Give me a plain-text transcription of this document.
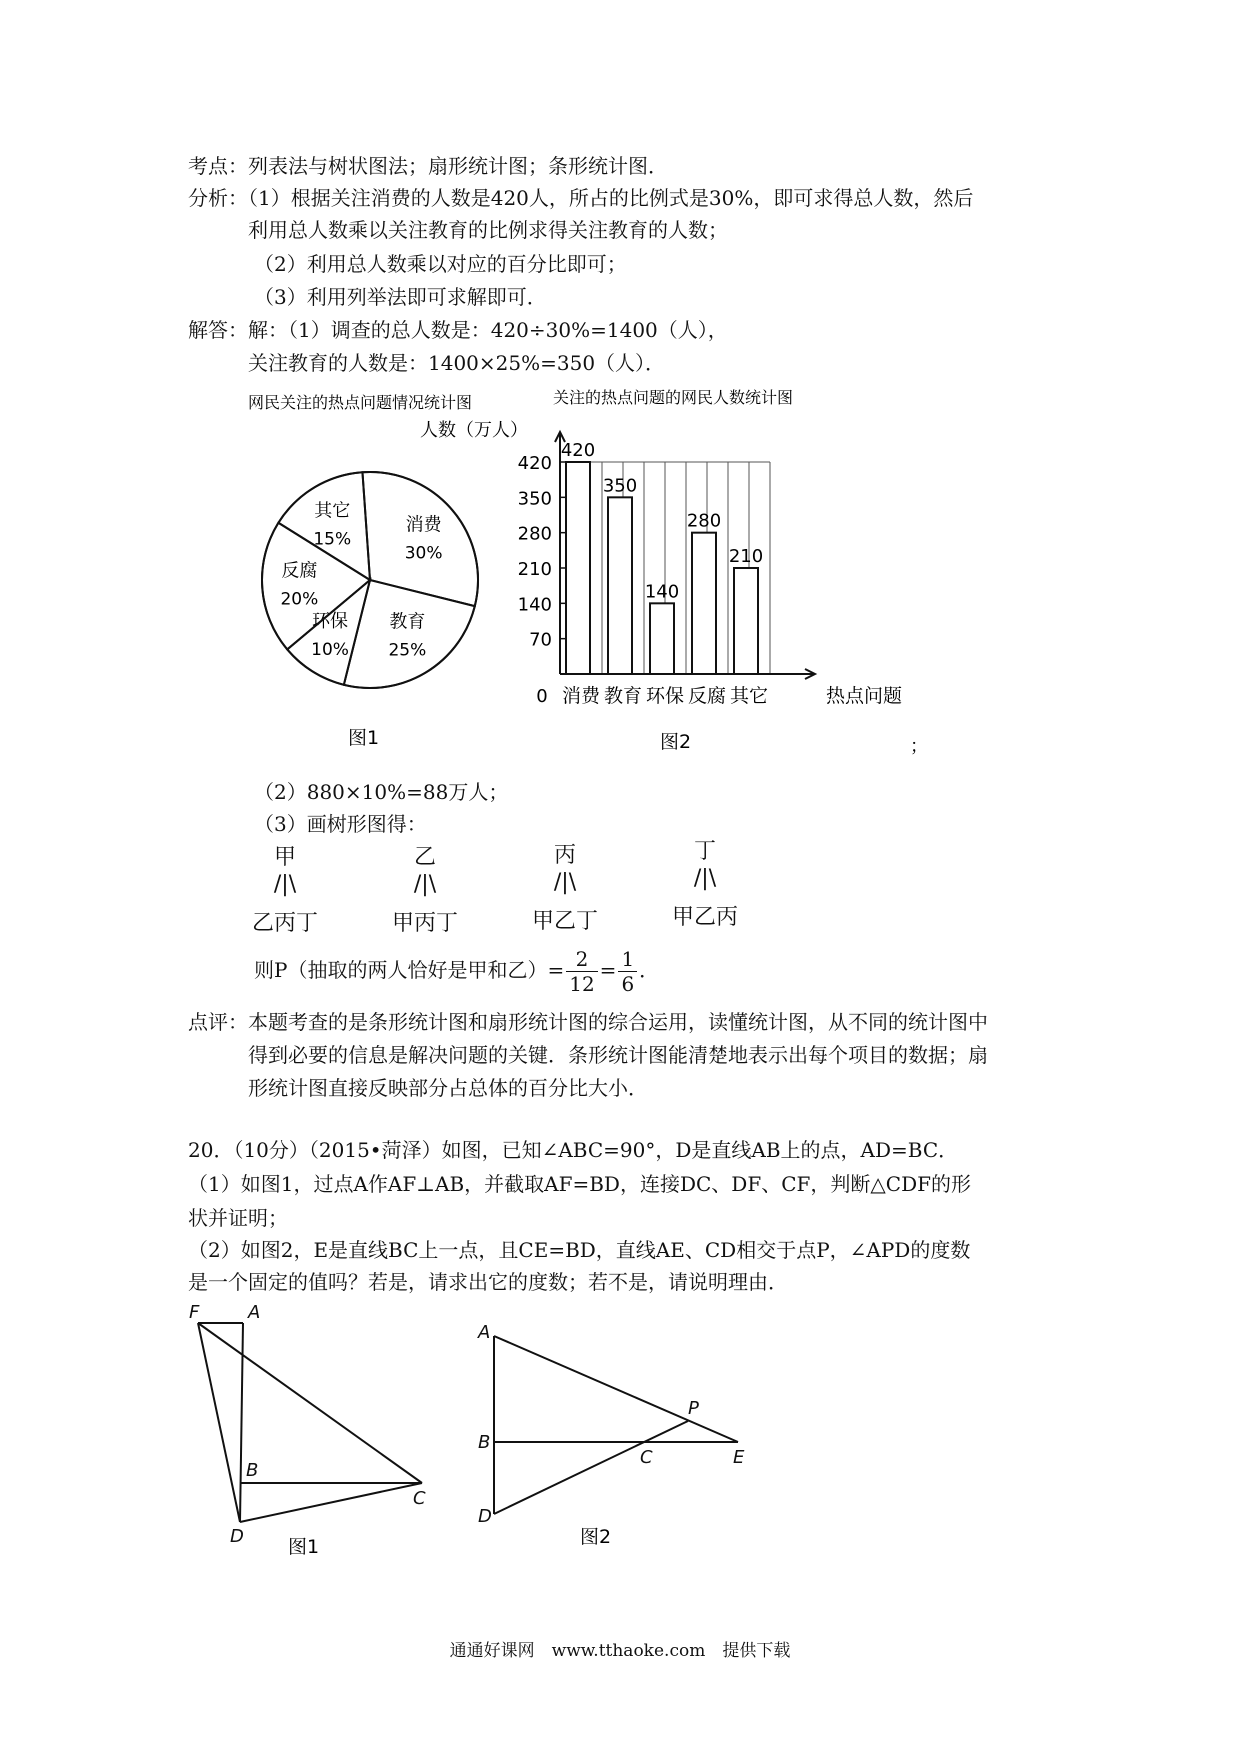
考点：列表法与树状图法；扇形统计图；条形统计图．
分析：（1）根据关注消费的人数是420人，所占的比例式是30%，即可求得总人数，然后
利用总人数乘以关注教育的比例求得关注教育的人数；
（2）利用总人数乘以对应的百分比即可；
（3）利用列举法即可求解即可．
解答：解：（1）调查的总人数是：420÷30%=1400（人），
关注教育的人数是：1400×25%=350（人）．
网民关注的热点问题情况统计图	关注的热点问题的网民人数统计图
人数（万人）
消费
30%
教育
25%
环保
10%
反腐
20%
其它
15%
0
70
140
210
280
350
420
420
消费
350
教育
140
环保
280
反腐
210
其它	热点问题
图1	图2	；
（2）880×10%=88万人；
（3）画树形图得：
甲
/|\
乙丙丁
乙
/|\
甲丙丁
丙
/|\
甲乙丁
丁
/|\
甲乙丙
则P（抽取的两人恰好是甲和乙）= $\frac{2}{12} = \frac{1}{6}$ ．
点评：本题考查的是条形统计图和扇形统计图的综合运用，读懂统计图，从不同的统计图中
得到必要的信息是解决问题的关键．条形统计图能清楚地表示出每个项目的数据；扇
形统计图直接反映部分占总体的百分比大小．
20．（10分）（2015•菏泽）如图，已知∠ABC=90°，D是直线AB上的点，AD=BC．
（1）如图1，过点A作AF⊥AB，并截取AF=BD，连接DC、DF、CF，判断△CDF的形
状并证明；
（2）如图2，E是直线BC上一点，且CE=BD，直线AE、CD相交于点P，∠APD的度数
是一个固定的值吗？若是，请求出它的度数；若不是，请说明理由．
F	A
B
C
D 图1
A
B
C
D
E
P
图2
通通好课网　www.tthaoke.com　提供下载
